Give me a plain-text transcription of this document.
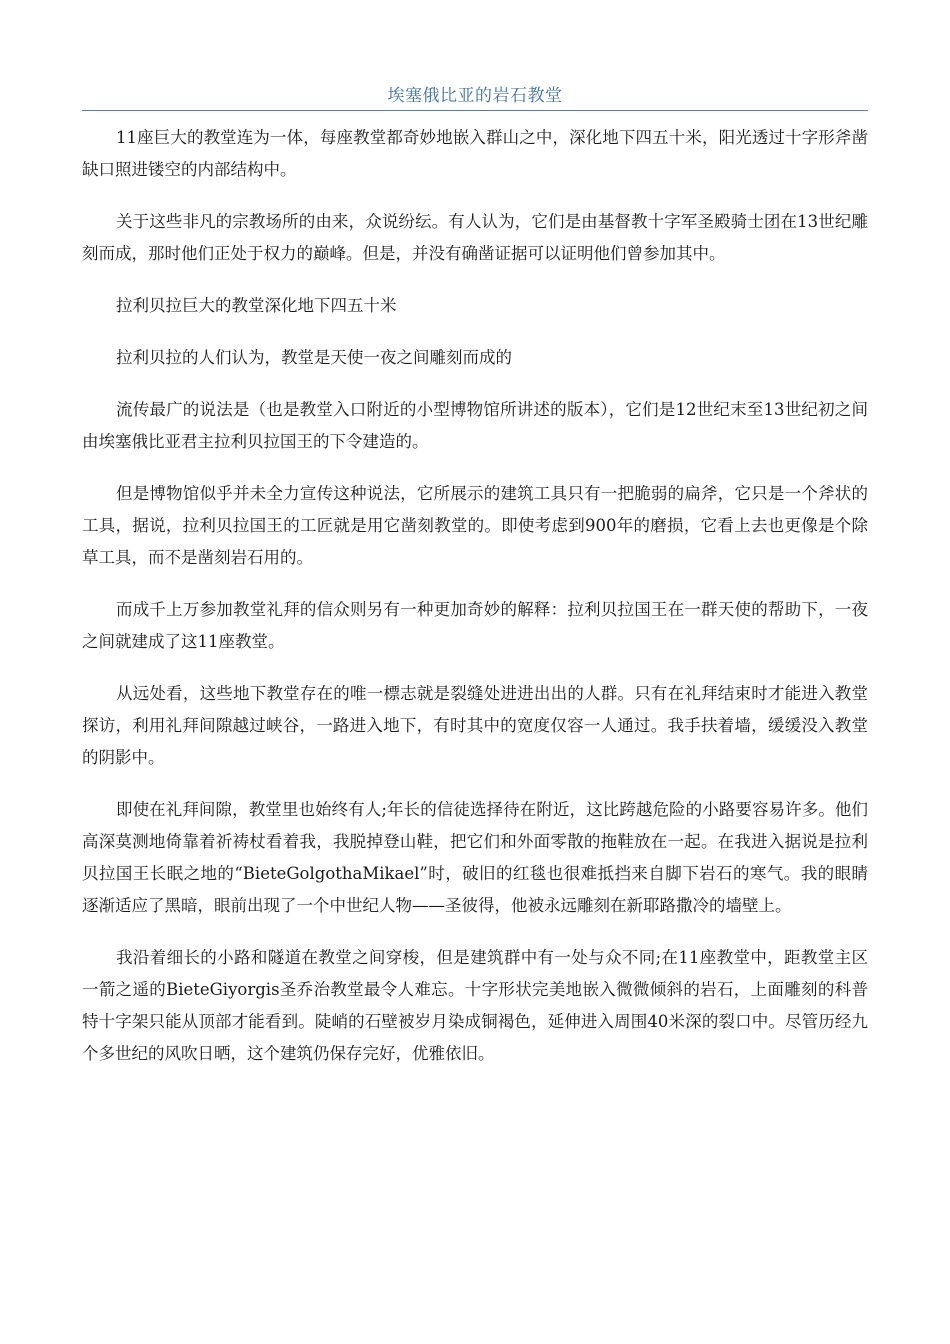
埃塞俄比亚的岩石教堂

11座巨大的教堂连为一体，每座教堂都奇妙地嵌入群山之中，深化地下四五十米，阳光透过十字形斧凿缺口照进镂空的内部结构中。

关于这些非凡的宗教场所的由来，众说纷纭。有人认为，它们是由基督教十字军圣殿骑士团在13世纪雕刻而成，那时他们正处于权力的巅峰。但是，并没有确凿证据可以证明他们曾参加其中。

拉利贝拉巨大的教堂深化地下四五十米

拉利贝拉的人们认为，教堂是天使一夜之间雕刻而成的

流传最广的说法是（也是教堂入口附近的小型博物馆所讲述的版本），它们是12世纪末至13世纪初之间由埃塞俄比亚君主拉利贝拉国王的下令建造的。

但是博物馆似乎并未全力宣传这种说法，它所展示的建筑工具只有一把脆弱的扁斧，它只是一个斧状的工具，据说，拉利贝拉国王的工匠就是用它凿刻教堂的。即使考虑到900年的磨损，它看上去也更像是个除草工具，而不是凿刻岩石用的。

而成千上万参加教堂礼拜的信众则另有一种更加奇妙的解释：拉利贝拉国王在一群天使的帮助下，一夜之间就建成了这11座教堂。

从远处看，这些地下教堂存在的唯一標志就是裂缝处进进出出的人群。只有在礼拜结束时才能进入教堂探访，利用礼拜间隙越过峡谷，一路进入地下，有时其中的宽度仅容一人通过。我手扶着墙，缓缓没入教堂的阴影中。

即使在礼拜间隙，教堂里也始终有人;年长的信徒选择待在附近，这比跨越危险的小路要容易许多。他们高深莫测地倚靠着祈祷杖看着我，我脱掉登山鞋，把它们和外面零散的拖鞋放在一起。在我进入据说是拉利贝拉国王长眠之地的“BieteGolgothaMikael”时，破旧的红毯也很难抵挡来自脚下岩石的寒气。我的眼睛逐渐适应了黑暗，眼前出现了一个中世纪人物——圣彼得，他被永远雕刻在新耶路撒冷的墙壁上。

我沿着细长的小路和隧道在教堂之间穿梭，但是建筑群中有一处与众不同;在11座教堂中，距教堂主区一箭之遥的BieteGiyorgis圣乔治教堂最令人难忘。十字形状完美地嵌入微微倾斜的岩石，上面雕刻的科普特十字架只能从顶部才能看到。陡峭的石壁被岁月染成铜褐色，延伸进入周围40米深的裂口中。尽管历经九个多世纪的风吹日晒，这个建筑仍保存完好，优雅依旧。
